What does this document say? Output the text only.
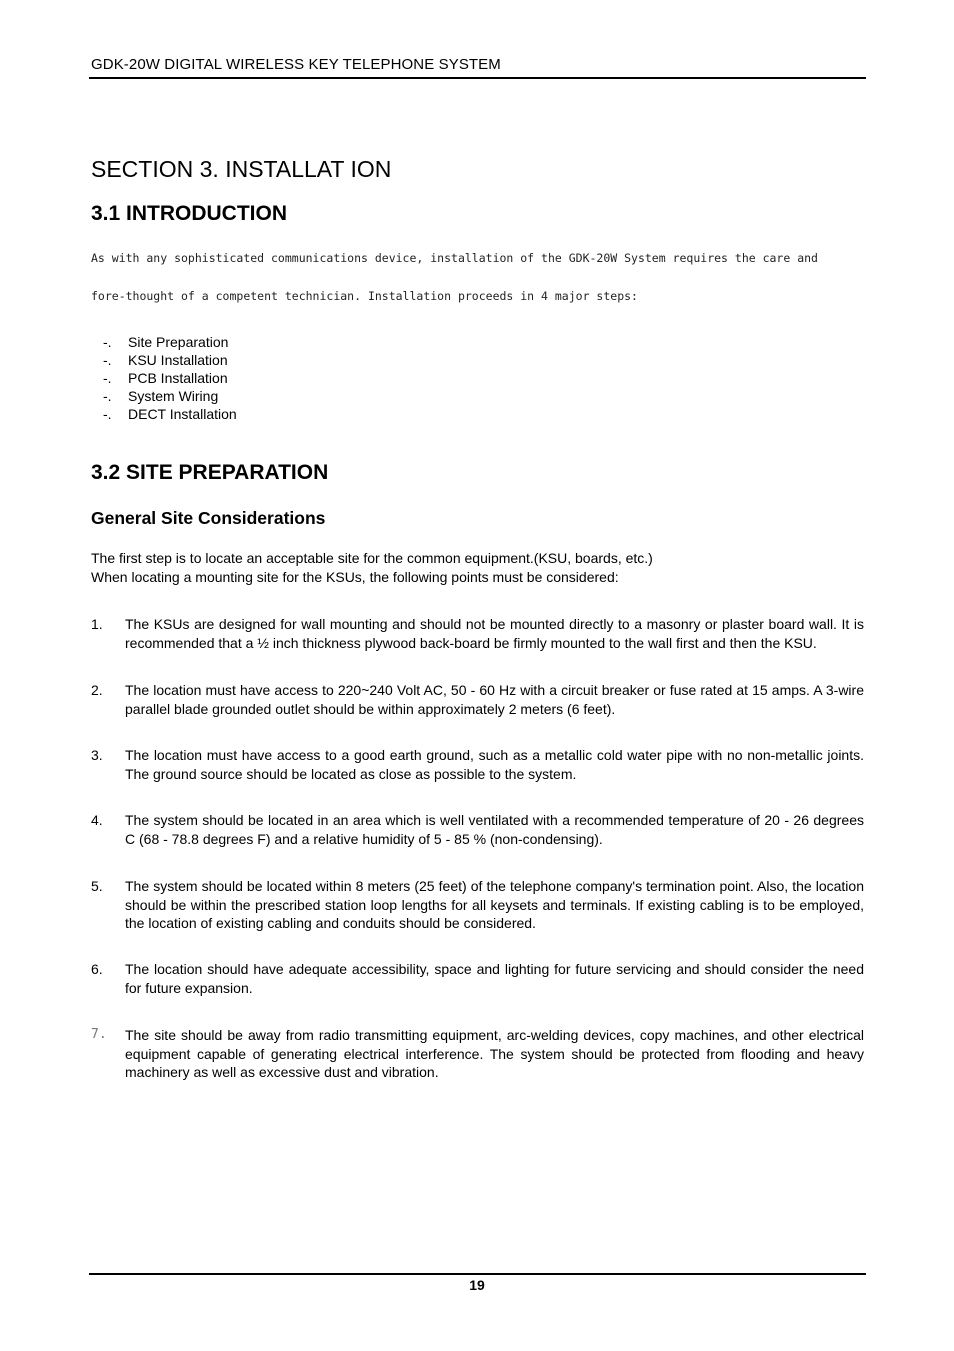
GDK-20W DIGITAL WIRELESS KEY TELEPHONE SYSTEM
SECTION 3. INSTALLAT ION
3.1 INTRODUCTION
As with any sophisticated communications device, installation of the GDK-20W System requires the care and
fore-thought of a competent technician. Installation proceeds in 4 major steps:
-. Site Preparation
-. KSU Installation
-. PCB Installation
-. System Wiring
-. DECT Installation
3.2 SITE PREPARATION
General Site Considerations
The first step is to locate an acceptable site for the common equipment.(KSU, boards, etc.)
When locating a mounting site for the KSUs, the following points must be considered:
1.	The KSUs are designed for wall mounting and should not be mounted directly to a masonry or plaster board wall. It is recommended that a ½ inch thickness plywood back-board be firmly mounted to the wall first and then the KSU.
2.	The location must have access to 220~240 Volt AC, 50 - 60 Hz with a circuit breaker or fuse rated at 15 amps. A 3-wire parallel blade grounded outlet should be within approximately 2 meters (6 feet).
3.	The location must have access to a good earth ground, such as a metallic cold water pipe with no non-metallic joints. The ground source should be located as close as possible to the system.
4.	The system should be located in an area which is well ventilated with a recommended temperature of 20 - 26 degrees C (68 - 78.8 degrees F) and a relative humidity of 5 - 85 % (non-condensing).
5.	The system should be located within 8 meters (25 feet) of the telephone company's termination point. Also, the location should be within the prescribed station loop lengths for all keysets and terminals. If existing cabling is to be employed, the location of existing cabling and conduits should be considered.
6.	The location should have adequate accessibility, space and lighting for future servicing and should consider the need for future expansion.
7.	The site should be away from radio transmitting equipment, arc-welding devices, copy machines, and other electrical equipment capable of generating electrical interference. The system should be protected from flooding and heavy machinery as well as excessive dust and vibration.
19
